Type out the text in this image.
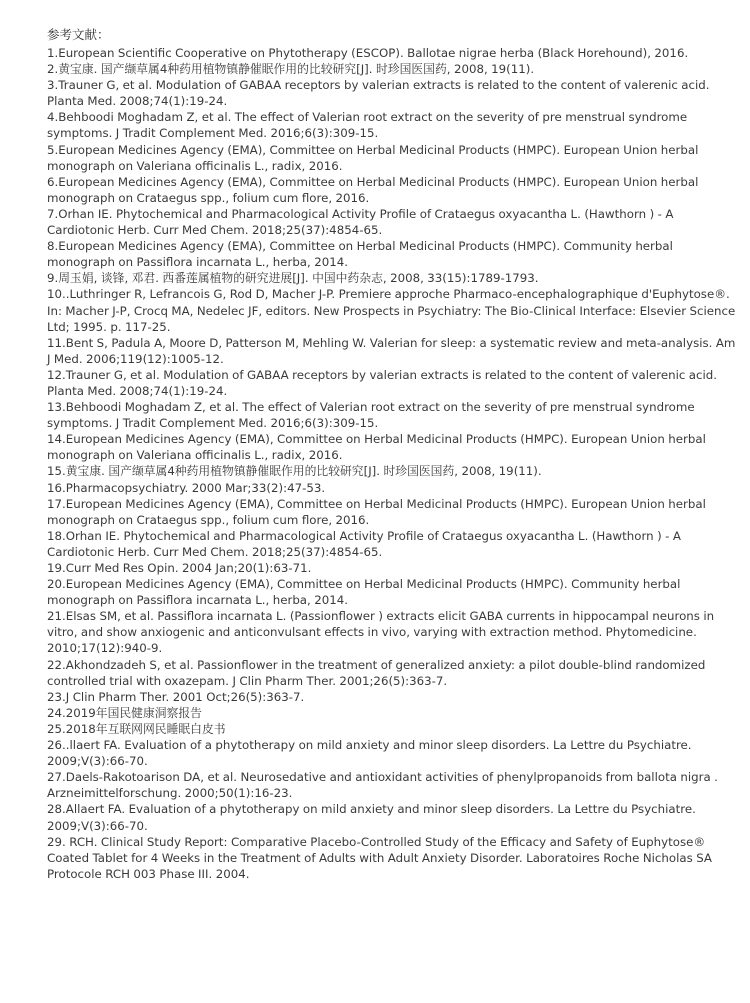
参考文献：
1.European Scientific Cooperative on Phytotherapy (ESCOP). Ballotae nigrae herba (Black Horehound), 2016.
2.黄宝康. 国产缬草属4种药用植物镇静催眠作用的比较研究[J]. 时珍国医国药, 2008, 19(11).
3.Trauner G, et al. Modulation of GABAA receptors by valerian extracts is related to the content of valerenic acid. Planta Med. 2008;74(1):19-24.
4.Behboodi Moghadam Z, et al. The effect of Valerian root extract on the severity of pre menstrual syndrome symptoms. J Tradit Complement Med. 2016;6(3):309-15.
5.European Medicines Agency (EMA), Committee on Herbal Medicinal Products (HMPC). European Union herbal monograph on Valeriana officinalis L., radix, 2016.
6.European Medicines Agency (EMA), Committee on Herbal Medicinal Products (HMPC). European Union herbal monograph on Crataegus spp., folium cum flore, 2016.
7.Orhan IE. Phytochemical and Pharmacological Activity Profile of Crataegus oxyacantha L. (Hawthorn ) - A Cardiotonic Herb. Curr Med Chem. 2018;25(37):4854-65.
8.European Medicines Agency (EMA), Committee on Herbal Medicinal Products (HMPC). Community herbal monograph on Passiflora incarnata L., herba, 2014.
9.周玉娟, 谈锋, 邓君. 西番莲属植物的研究进展[J]. 中国中药杂志, 2008, 33(15):1789-1793.
10..Luthringer R, Lefrancois G, Rod D, Macher J-P. Premiere approche Pharmaco-encephalographique d'Euphytose®. In: Macher J-P, Crocq MA, Nedelec JF, editors. New Prospects in Psychiatry: The Bio-Clinical Interface: Elsevier Science Ltd; 1995. p. 117-25.
11.Bent S, Padula A, Moore D, Patterson M, Mehling W. Valerian for sleep: a systematic review and meta-analysis. Am J Med. 2006;119(12):1005-12.
12.Trauner G, et al. Modulation of GABAA receptors by valerian extracts is related to the content of valerenic acid. Planta Med. 2008;74(1):19-24.
13.Behboodi Moghadam Z, et al. The effect of Valerian root extract on the severity of pre menstrual syndrome symptoms. J Tradit Complement Med. 2016;6(3):309-15.
14.European Medicines Agency (EMA), Committee on Herbal Medicinal Products (HMPC). European Union herbal monograph on Valeriana officinalis L., radix, 2016.
15.黄宝康. 国产缬草属4种药用植物镇静催眠作用的比较研究[J]. 时珍国医国药, 2008, 19(11).
16.Pharmacopsychiatry. 2000 Mar;33(2):47-53.
17.European Medicines Agency (EMA), Committee on Herbal Medicinal Products (HMPC). European Union herbal monograph on Crataegus spp., folium cum flore, 2016.
18.Orhan IE. Phytochemical and Pharmacological Activity Profile of Crataegus oxyacantha L. (Hawthorn ) - A Cardiotonic Herb. Curr Med Chem. 2018;25(37):4854-65.
19.Curr Med Res Opin. 2004 Jan;20(1):63-71.
20.European Medicines Agency (EMA), Committee on Herbal Medicinal Products (HMPC). Community herbal monograph on Passiflora incarnata L., herba, 2014.
21.Elsas SM, et al. Passiflora incarnata L. (Passionflower ) extracts elicit GABA currents in hippocampal neurons in vitro, and show anxiogenic and anticonvulsant effects in vivo, varying with extraction method. Phytomedicine. 2010;17(12):940-9.
22.Akhondzadeh S, et al. Passionflower in the treatment of generalized anxiety: a pilot double-blind randomized controlled trial with oxazepam. J Clin Pharm Ther. 2001;26(5):363-7.
23.J Clin Pharm Ther. 2001 Oct;26(5):363-7.
24.2019年国民健康洞察报告
25.2018年互联网网民睡眠白皮书
26..llaert FA. Evaluation of a phytotherapy on mild anxiety and minor sleep disorders. La Lettre du Psychiatre. 2009;V(3):66-70.
27.Daels-Rakotoarison DA, et al. Neurosedative and antioxidant activities of phenylpropanoids from ballota nigra . Arzneimittelforschung. 2000;50(1):16-23.
28.Allaert FA. Evaluation of a phytotherapy on mild anxiety and minor sleep disorders. La Lettre du Psychiatre. 2009;V(3):66-70.
29. RCH. Clinical Study Report: Comparative Placebo-Controlled Study of the Efficacy and Safety of Euphytose® Coated Tablet for 4 Weeks in the Treatment of Adults with Adult Anxiety Disorder. Laboratoires Roche Nicholas SA Protocole RCH 003 Phase III. 2004.
